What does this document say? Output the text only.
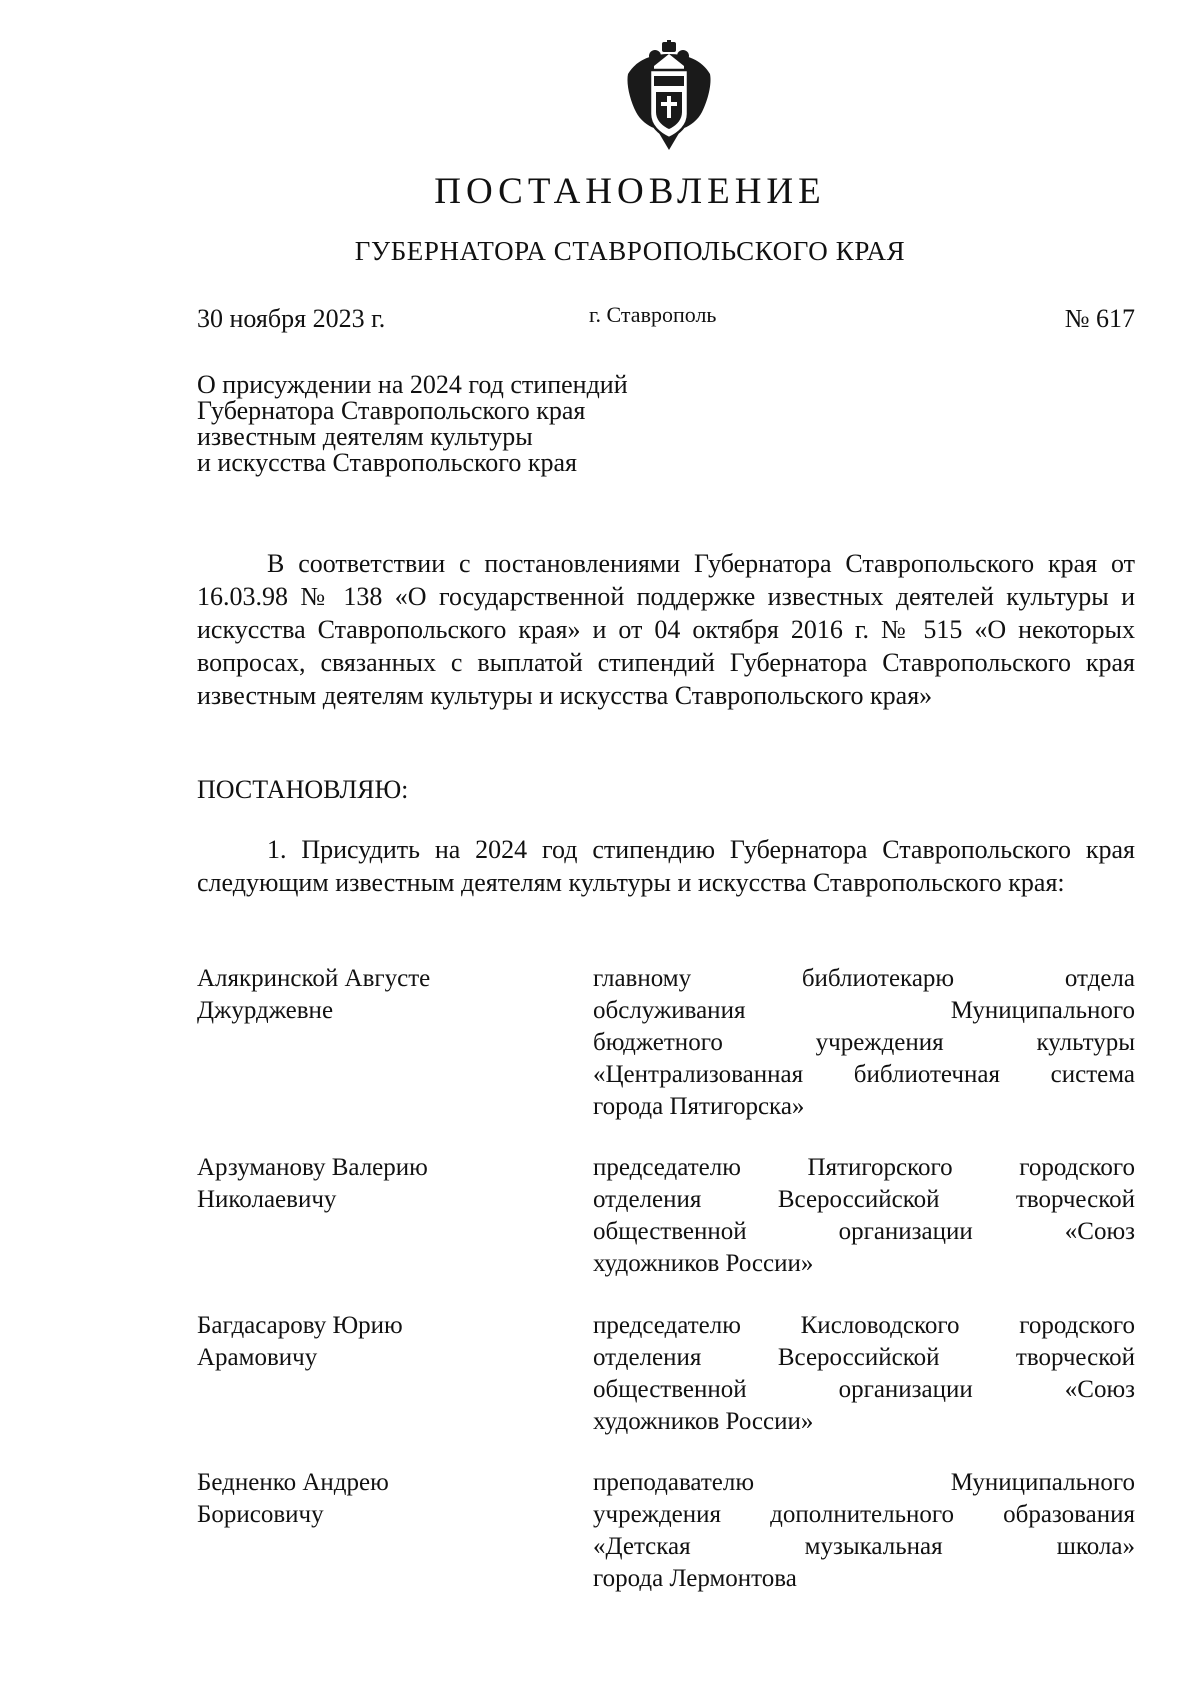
ПОСТАНОВЛЕНИЕ
ГУБЕРНАТОРА СТАВРОПОЛЬСКОГО КРАЯ
30 ноября 2023 г.	г. Ставрополь	№ 617
О присуждении на 2024 год стипендий
Губернатора Ставропольского края
известным деятелям культуры
и искусства Ставропольского края
В соответствии с постановлениями Губернатора Ставропольского края от 16.03.98 № 138 «О государственной поддержке известных деятелей культуры и искусства Ставропольского края» и от 04 октября 2016 г. № 515 «О некоторых вопросах, связанных с выплатой стипендий Губернатора Ставропольского края известным деятелям культуры и искусства Ставропольского края»
ПОСТАНОВЛЯЮ:
1. Присудить на 2024 год стипендию Губернатора Ставропольского края следующим известным деятелям культуры и искусства Ставропольского края:
Алякринской Августе
Джурджевне
главному библиотекарю отдела
обслуживания Муниципального
бюджетного учреждения культуры
«Централизованная библиотечная система
города Пятигорска»
Арзуманову Валерию
Николаевичу
председателю Пятигорского городского
отделения Всероссийской творческой
общественной организации «Союз
художников России»
Багдасарову Юрию
Арамовичу
председателю Кисловодского городского
отделения Всероссийской творческой
общественной организации «Союз
художников России»
Бедненко Андрею
Борисовичу
преподавателю Муниципального
учреждения дополнительного образования
«Детская музыкальная школа»
города Лермонтова
